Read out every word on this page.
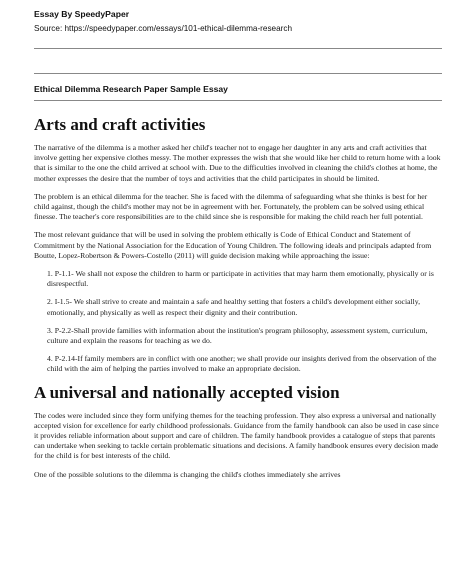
Essay By SpeedyPaper
Source: https://speedypaper.com/essays/101-ethical-dilemma-research
Ethical Dilemma Research Paper Sample Essay
Arts and craft activities

The narrative of the dilemma is a mother asked her child's teacher not to engage her daughter in any arts and craft activities that involve getting her expensive clothes messy. The mother expresses the wish that she would like her child to return home with a look that is similar to the one the child arrived at school with. Due to the difficulties involved in cleaning the child's clothes at home, the mother expresses the desire that the number of toys and activities that the child participates in should be limited.

The problem is an ethical dilemma for the teacher. She is faced with the dilemma of safeguarding what she thinks is best for her child against, though the child's mother may not be in agreement with her. Fortunately, the problem can be solved using ethical finesse. The teacher's core responsibilities are to the child since she is responsible for making the child reach her full potential.

The most relevant guidance that will be used in solving the problem ethically is Code of Ethical Conduct and Statement of Commitment by the National Association for the Education of Young Children. The following ideals and principals adapted from Boutte, Lopez-Robertson & Powers-Costello (2011) will guide decision making while approaching the issue:

1. P-1.1- We shall not expose the children to harm or participate in activities that may harm them emotionally, physically or is disrespectful.

2. I-1.5- We shall strive to create and maintain a safe and healthy setting that fosters a child's development either socially, emotionally, and physically as well as respect their dignity and their contribution.

3. P-2.2-Shall provide families with information about the institution's program philosophy, assessment system, curriculum, culture and explain the reasons for teaching as we do.

4. P-2.14-If family members are in conflict with one another; we shall provide our insights derived from the observation of the child with the aim of helping the parties involved to make an appropriate decision.

A universal and nationally accepted vision

The codes were included since they form unifying themes for the teaching profession. They also express a universal and nationally accepted vision for excellence for early childhood professionals. Guidance from the family handbook can also be used in case since it provides reliable information about support and care of children. The family handbook provides a catalogue of steps that parents can undertake when seeking to tackle certain problematic situations and decisions. A family handbook ensures every decision made for the child is for best interests of the child.

One of the possible solutions to the dilemma is changing the child's clothes immediately she arrives
